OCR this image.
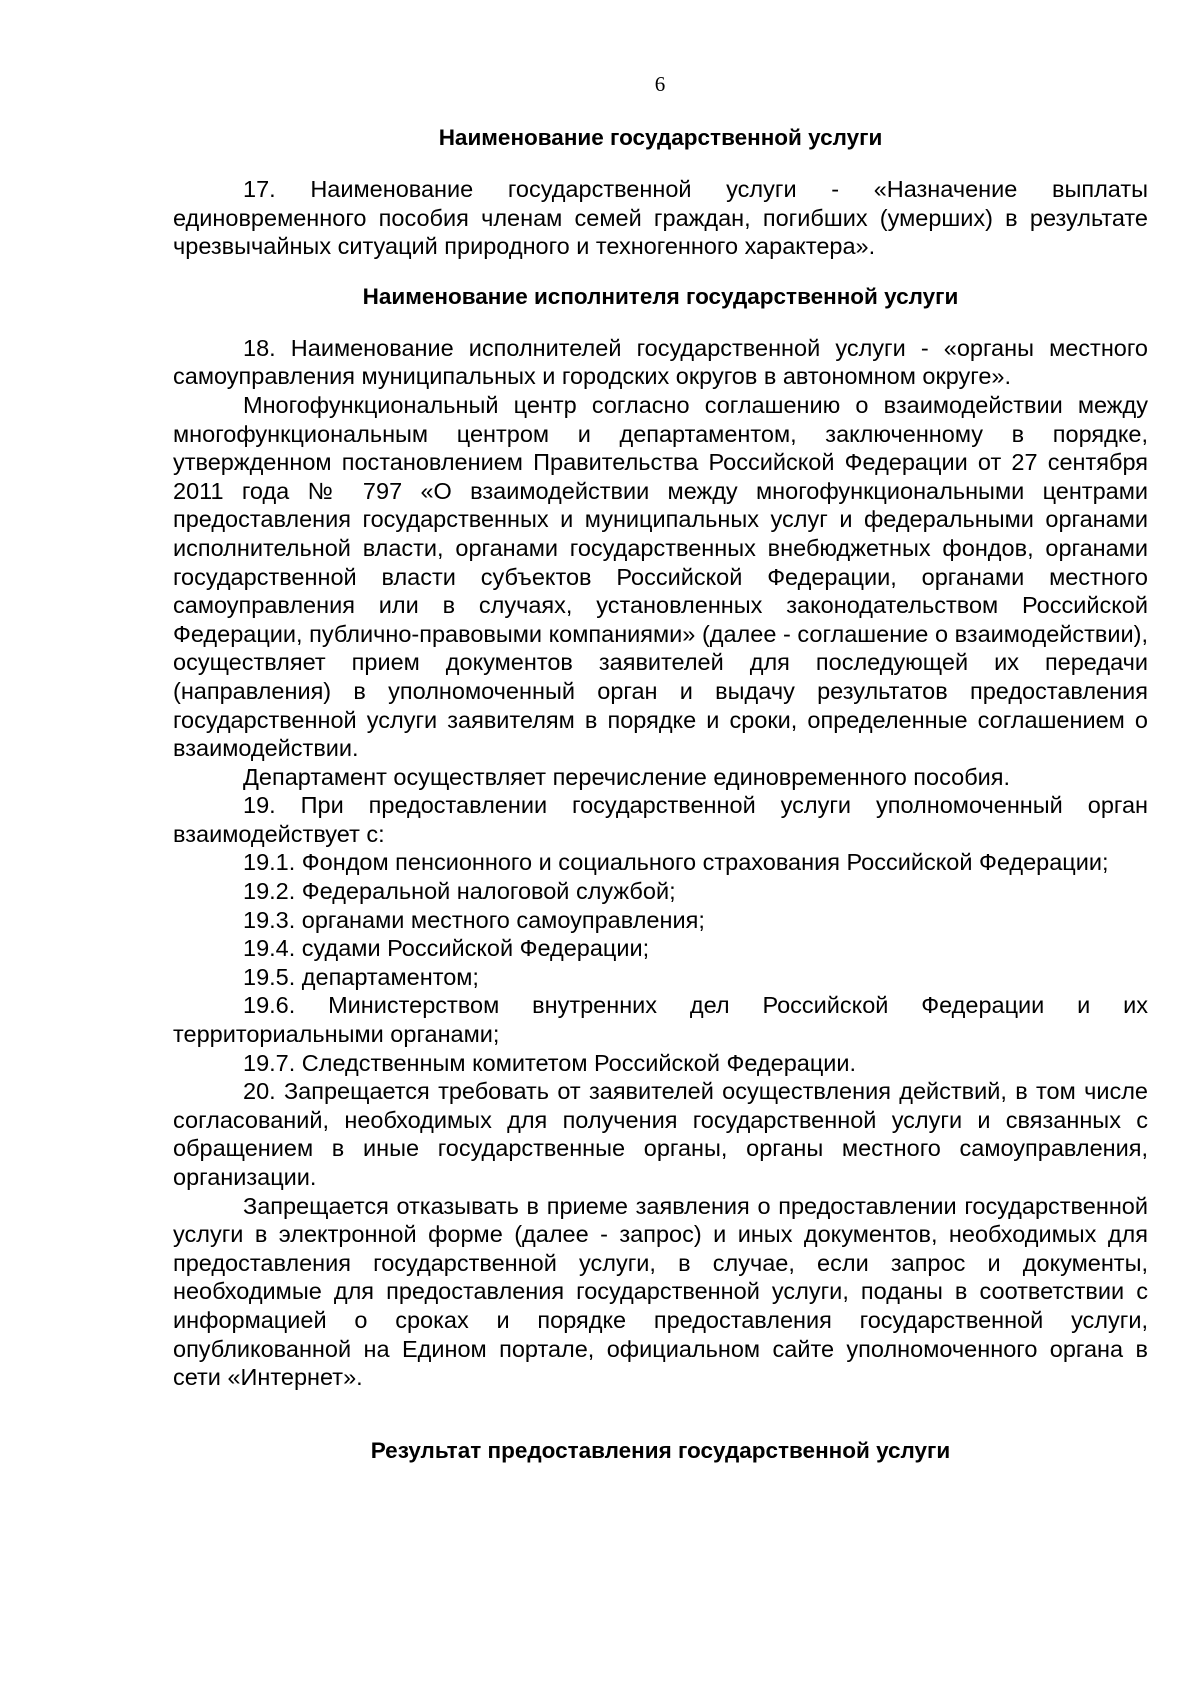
6
Наименование государственной услуги

17. Наименование государственной услуги - «Назначение выплаты единовременного пособия членам семей граждан, погибших (умерших) в результате чрезвычайных ситуаций природного и техногенного характера».

Наименование исполнителя государственной услуги

18. Наименование исполнителей государственной услуги - «органы местного самоуправления муниципальных и городских округов в автономном округе».

Многофункциональный центр согласно соглашению о взаимодействии между многофункциональным центром и департаментом, заключенному в порядке, утвержденном постановлением Правительства Российской Федерации от 27 сентября 2011 года № 797 «О взаимодействии между многофункциональными центрами предоставления государственных и муниципальных услуг и федеральными органами исполнительной власти, органами государственных внебюджетных фондов, органами государственной власти субъектов Российской Федерации, органами местного самоуправления или в случаях, установленных законодательством Российской Федерации, публично-правовыми компаниями» (далее - соглашение о взаимодействии), осуществляет прием документов заявителей для последующей их передачи (направления) в уполномоченный орган и выдачу результатов предоставления государственной услуги заявителям в порядке и сроки, определенные соглашением о взаимодействии.

Департамент осуществляет перечисление единовременного пособия.

19. При предоставлении государственной услуги уполномоченный орган взаимодействует с:

19.1. Фондом пенсионного и социального страхования Российской Федерации;

19.2. Федеральной налоговой службой;

19.3. органами местного самоуправления;

19.4. судами Российской Федерации;

19.5. департаментом;

19.6. Министерством внутренних дел Российской Федерации и их территориальными органами;

19.7. Следственным комитетом Российской Федерации.

20. Запрещается требовать от заявителей осуществления действий, в том числе согласований, необходимых для получения государственной услуги и связанных с обращением в иные государственные органы, органы местного самоуправления, организации.

Запрещается отказывать в приеме заявления о предоставлении государственной услуги в электронной форме (далее - запрос) и иных документов, необходимых для предоставления государственной услуги, в случае, если запрос и документы, необходимые для предоставления государственной услуги, поданы в соответствии с информацией о сроках и порядке предоставления государственной услуги, опубликованной на Едином портале, официальном сайте уполномоченного органа в сети «Интернет».

Результат предоставления государственной услуги
